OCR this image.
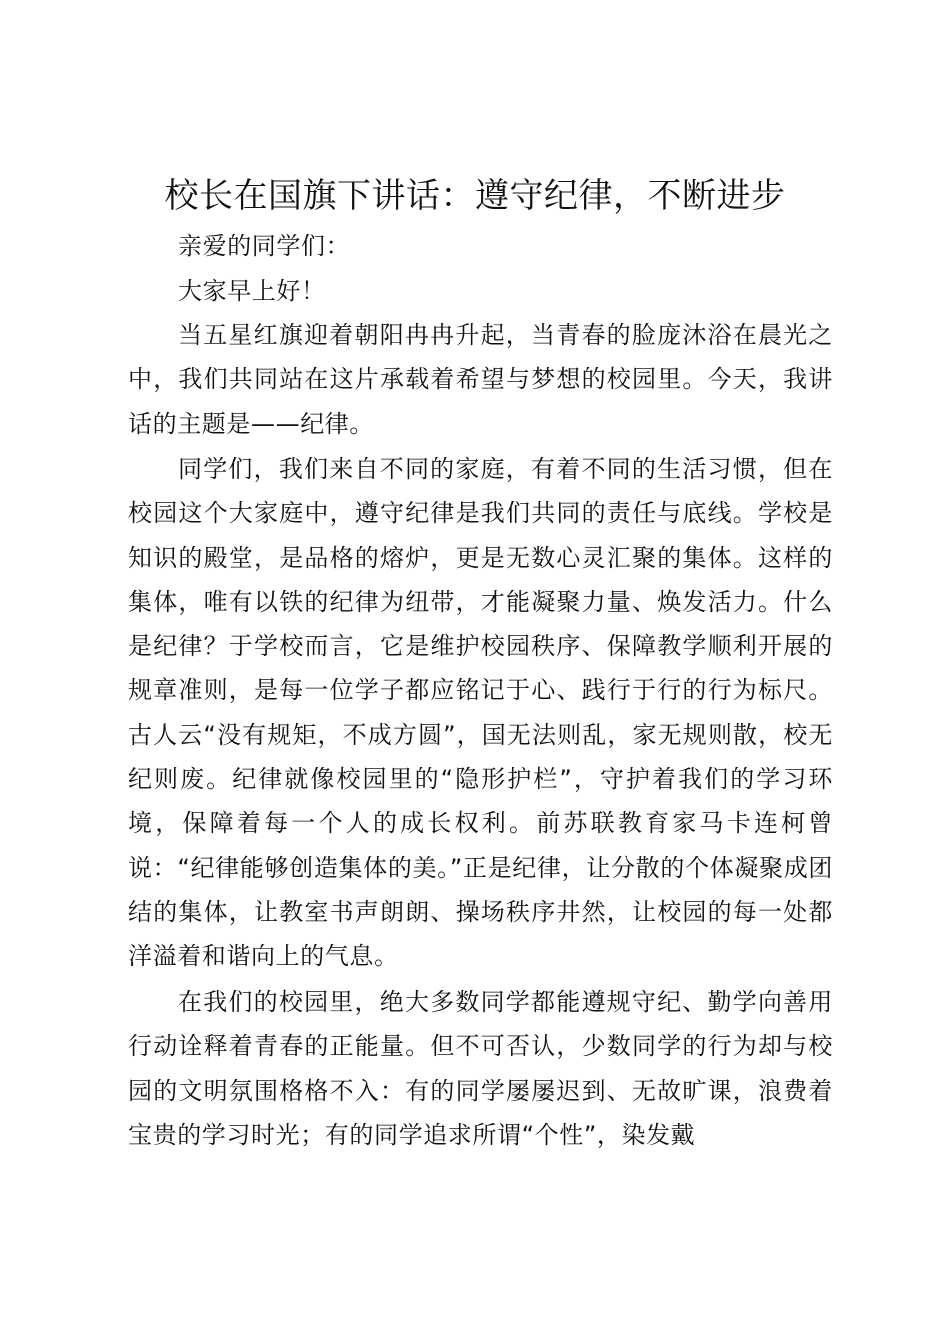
校长在国旗下讲话：遵守纪律，不断进步

亲爱的同学们：

大家早上好！

当五星红旗迎着朝阳冉冉升起，当青春的脸庞沐浴在晨光之中，我们共同站在这片承载着希望与梦想的校园里。今天，我讲话的主题是——纪律。

同学们，我们来自不同的家庭，有着不同的生活习惯，但在校园这个大家庭中，遵守纪律是我们共同的责任与底线。学校是知识的殿堂，是品格的熔炉，更是无数心灵汇聚的集体。这样的集体，唯有以铁的纪律为纽带，才能凝聚力量、焕发活力。什么是纪律？于学校而言，它是维护校园秩序、保障教学顺利开展的规章准则，是每一位学子都应铭记于心、践行于行的行为标尺。古人云“没有规矩，不成方圆”，国无法则乱，家无规则散，校无纪则废。纪律就像校园里的“隐形护栏”，守护着我们的学习环境，保障着每一个人的成长权利。前苏联教育家马卡连柯曾说：“纪律能够创造集体的美。”正是纪律，让分散的个体凝聚成团结的集体，让教室书声朗朗、操场秩序井然，让校园的每一处都洋溢着和谐向上的气息。

在我们的校园里，绝大多数同学都能遵规守纪、勤学向善用行动诠释着青春的正能量。但不可否认，少数同学的行为却与校园的文明氛围格格不入：有的同学屡屡迟到、无故旷课，浪费着宝贵的学习时光；有的同学追求所谓“个性”，染发戴
